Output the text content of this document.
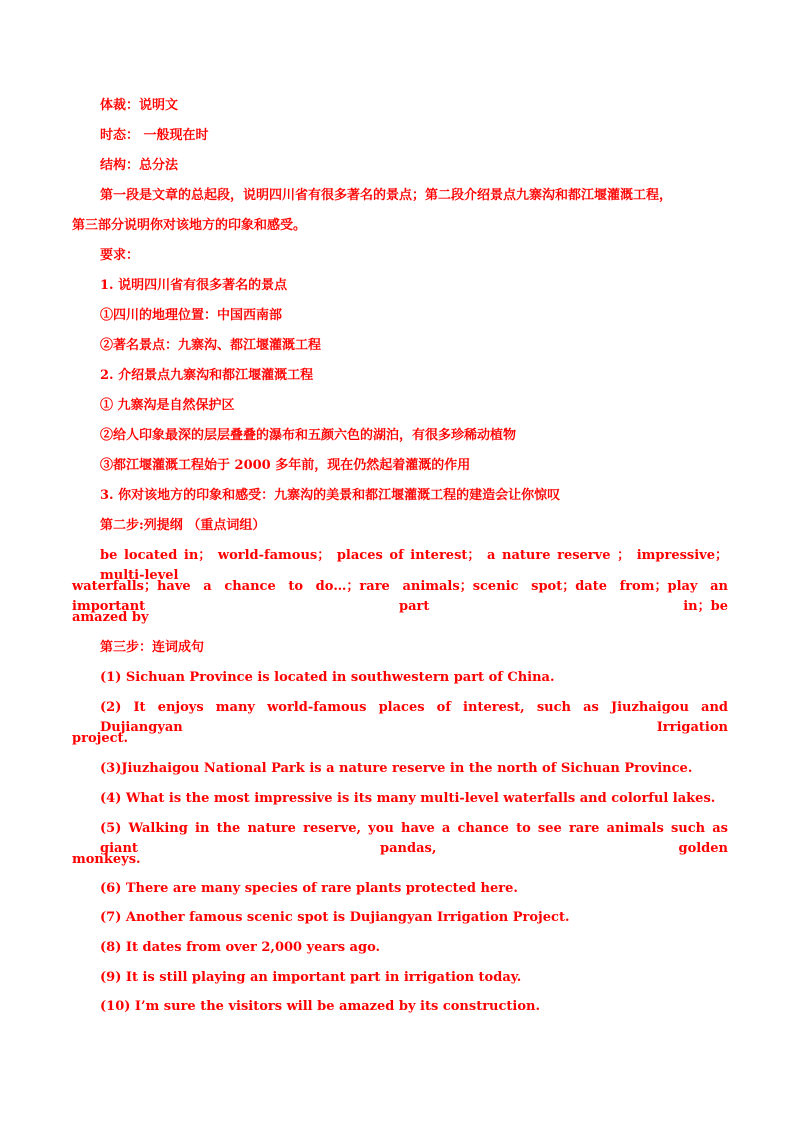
体裁：说明文
时态： 一般现在时
结构：总分法
第一段是文章的总起段，说明四川省有很多著名的景点；第二段介绍景点九寨沟和都江堰灌溉工程，
第三部分说明你对该地方的印象和感受。
要求：
1. 说明四川省有很多著名的景点
①四川的地理位置：中国西南部
②著名景点：九寨沟、都江堰灌溉工程
2. 介绍景点九寨沟和都江堰灌溉工程
① 九寨沟是自然保护区
②给人印象最深的层层叠叠的瀑布和五颜六色的湖泊，有很多珍稀动植物
③都江堰灌溉工程始于 2000 多年前，现在仍然起着灌溉的作用
3. 你对该地方的印象和感受：九寨沟的美景和都江堰灌溉工程的建造会让你惊叹
第二步:列提纲 （重点词组）
be located in； world-famous； places of interest； a nature reserve ； impressive； multi-level
waterfalls；have a chance to do…；rare animals；scenic spot；date from；play an important part in；be
amazed by
第三步：连词成句
(1) Sichuan Province is located in southwestern part of China.
(2) It enjoys many world-famous places of interest, such as Jiuzhaigou and Dujiangyan Irrigation
project.
(3)Jiuzhaigou National Park is a nature reserve in the north of Sichuan Province.
(4) What is the most impressive is its many multi-level waterfalls and colorful lakes.
(5) Walking in the nature reserve, you have a chance to see rare animals such as giant pandas, golden
monkeys.
(6) There are many species of rare plants protected here.
(7) Another famous scenic spot is Dujiangyan Irrigation Project.
(8) It dates from over 2,000 years ago.
(9) It is still playing an important part in irrigation today.
(10) I’m sure the visitors will be amazed by its construction.
